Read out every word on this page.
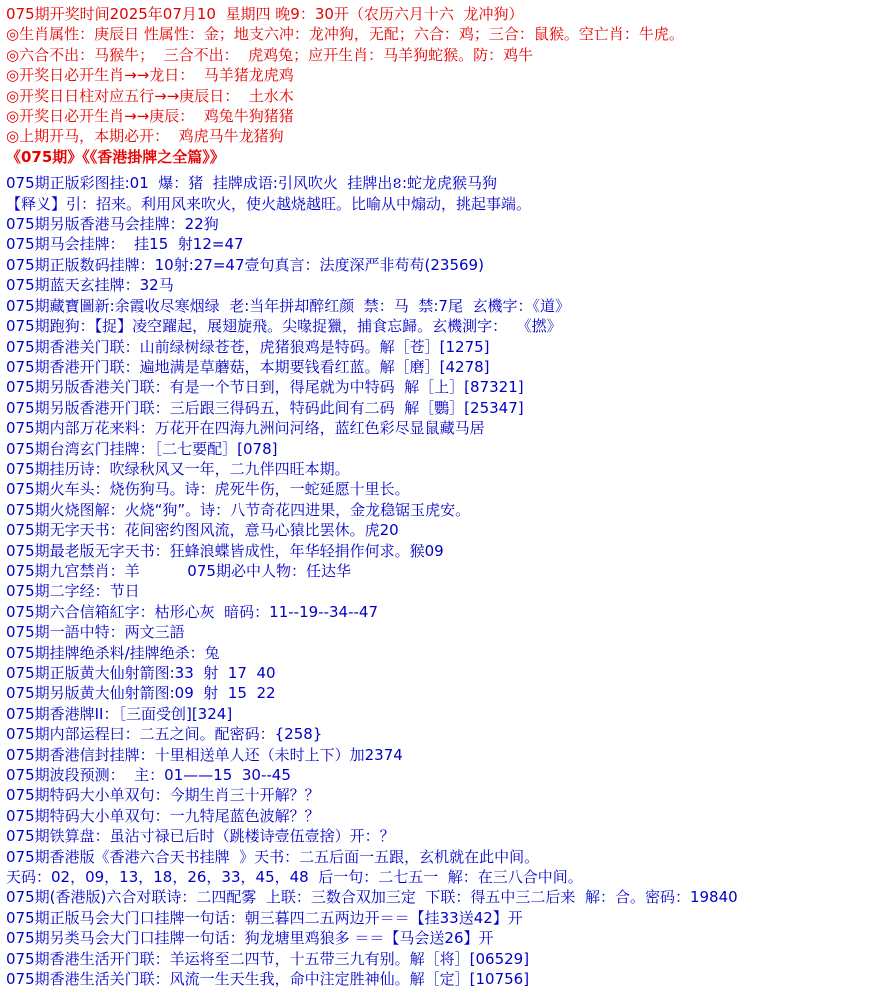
075期开奖时间2025年07月10  星期四 晚9：30开（农历六月十六  龙冲狗）
◎生肖属性：庚辰日 性属性：金；地支六冲：龙冲狗，无配；六合：鸡；三合：鼠猴。空亡肖：牛虎。
◎六合不出：马猴牛；  三合不出：  虎鸡兔；应开生肖：马羊狗蛇猴。防：鸡牛
◎开奖日必开生肖→→龙日：  马羊猪龙虎鸡
◎开奖日日柱对应五行→→庚辰日：  土水木
◎开奖日必开生肖→→庚辰：  鸡兔牛狗猪猪
◎上期开马，本期必开：  鸡虎马牛龙猪狗
《075期》《《香港掛牌之全篇》》
075期正版彩图挂:01  爆：猪  挂牌成语:引风吹火  挂牌出ខ:蛇龙虎猴马狗
【释义】引：招来。利用风来吹火，使火越烧越旺。比喻从中煽动，挑起事端。
075期另版香港马会挂牌：22狗
075期马会挂牌：  挂15  射12=47
075期正版数码挂牌：10射:27=47壹句真言：法度深严非苟苟(23569)
075期蓝天玄挂牌：32马
075期藏寶圖新:余霞收尽寒烟绿  老:当年拼却醉红颜  禁：马  禁:7尾  玄機字：《道》
075期跑狗：【捉】凌空躍起，展翅旋飛。尖喙捉獵，捕食忘歸。玄機測字：  《撚》
075期香港关门联：山前绿树绿苍苍，虎猪狼鸡是特码。解［苍］[1275]
075期香港开门联：遍地满是草蘑菇，本期要钱看红蓝。解［磨］[4278]
075期另版香港关门联：有是一个节日到，得尾就为中特码  解［上］[87321]
075期另版香港开门联：三后跟三得码五，特码此间有二码  解［鸚］[25347]
075期内部万花来料：万花开在四海九洲问河络，蓝红色彩尽显鼠藏马居
075期台湾玄门挂牌：［二七要配］[078]
075期挂历诗：吹绿秋风又一年，二九伴四旺本期。
075期火车头：烧伤狗马。诗：虎死牛伤，一蛇延愿十里长。
075期火烧图解：火烧“狗”。诗：八节奇花四进果，金龙稳锯玉虎安。
075期无字天书：花间密约图风流，意马心猿比罢休。虎20
075期最老版无字天书：狂蜂浪蝶皆成性，年华轻捐作何求。猴09
075期九宫禁肖：羊          075期必中人物：任达华
075期二字经：节日
075期六合信箱紅字：枯形心灰  暗码：11--19--34--47
075期一語中特：两文三語
075期挂牌绝杀料/挂牌绝杀：兔
075期正版黄大仙射箭图:33  射  17  40
075期另版黄大仙射箭图:09  射  15  22
075期香港牌II：［三面受创][324]
075期内部运程曰：二五之间。配密码：{258}
075期香港信封挂牌：十里相送单人还（未时上下）加2374
075期波段预测：  主：01——15  30--45
075期特码大小单双句：今期生肖三十开解？？
075期特码大小单双句：一九特尾蓝色波解？？
075期铁算盘：虽沾寸禄已后时（跳楼诗壹伍壹捨）开：？
075期香港版《香港六合天书挂牌  》天书：二五后面一五跟，玄机就在此中间。
天码：02，09，13，18，26，33，45，48  后一句：二七五一  解：在三八合中间。
075期(香港版)六合对联诗：二四配雾  上联：三数合双加三定  下联：得五中三二后来  解：合。密码：19840
075期正版马会大门口挂牌一句话：朝三暮四二五两边开＝＝【挂33送42】开
075期另类马会大门口挂牌一句话：狗龙塘里鸡狼多 ＝＝【马会送26】开
075期香港生活开门联：羊运将至二四节，十五带三九有别。解［将］[06529]
075期香港生活关门联：风流一生天生我，命中注定胜神仙。解［定］[10756]
